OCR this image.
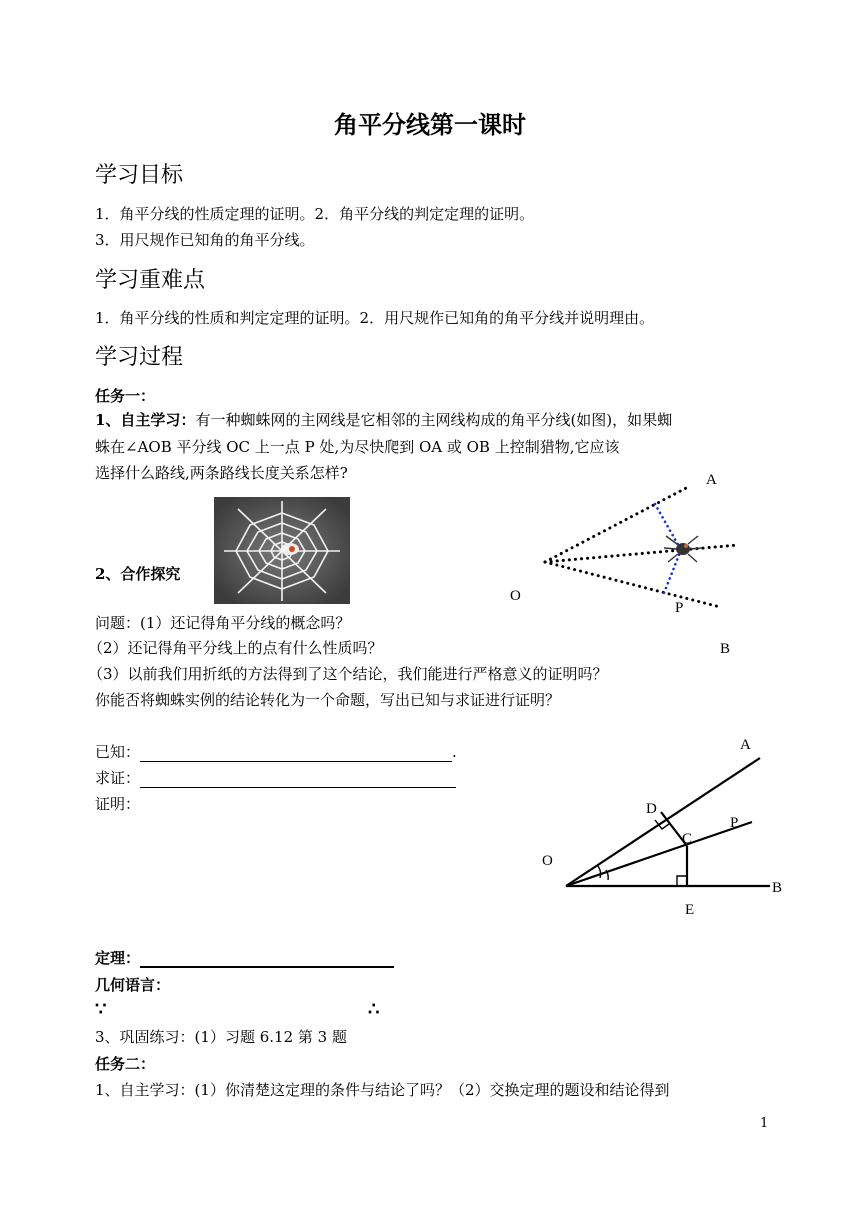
角平分线第一课时
学习目标
1．角平分线的性质定理的证明。2．角平分线的判定定理的证明。
3．用尺规作已知角的角平分线。
学习重难点
1．角平分线的性质和判定定理的证明。2．用尺规作已知角的角平分线并说明理由。
学习过程
任务一：
1、自主学习：有一种蜘蛛网的主网线是它相邻的主网线构成的角平分线(如图)，如果蜘
蛛在∠AOB 平分线 OC 上一点 P 处,为尽快爬到 OA 或 OB 上控制猎物,它应该
选择什么路线,两条路线长度关系怎样?
2、合作探究
A
O
P
B
问题：(1）还记得角平分线的概念吗？
（2）还记得角平分线上的点有什么性质吗？
（3）以前我们用折纸的方法得到了这个结论，我们能进行严格意义的证明吗？
你能否将蜘蛛实例的结论转化为一个命题，写出已知与求证进行证明？
已知：	.
求证：
证明：
A
D
P
C
O
B
E
定理：
几何语言：
∵	∴
3、巩固练习：(1）习题 6.12 第 3 题
任务二：
1、自主学习：(1）你清楚这定理的条件与结论了吗？（2）交换定理的题设和结论得到
1
